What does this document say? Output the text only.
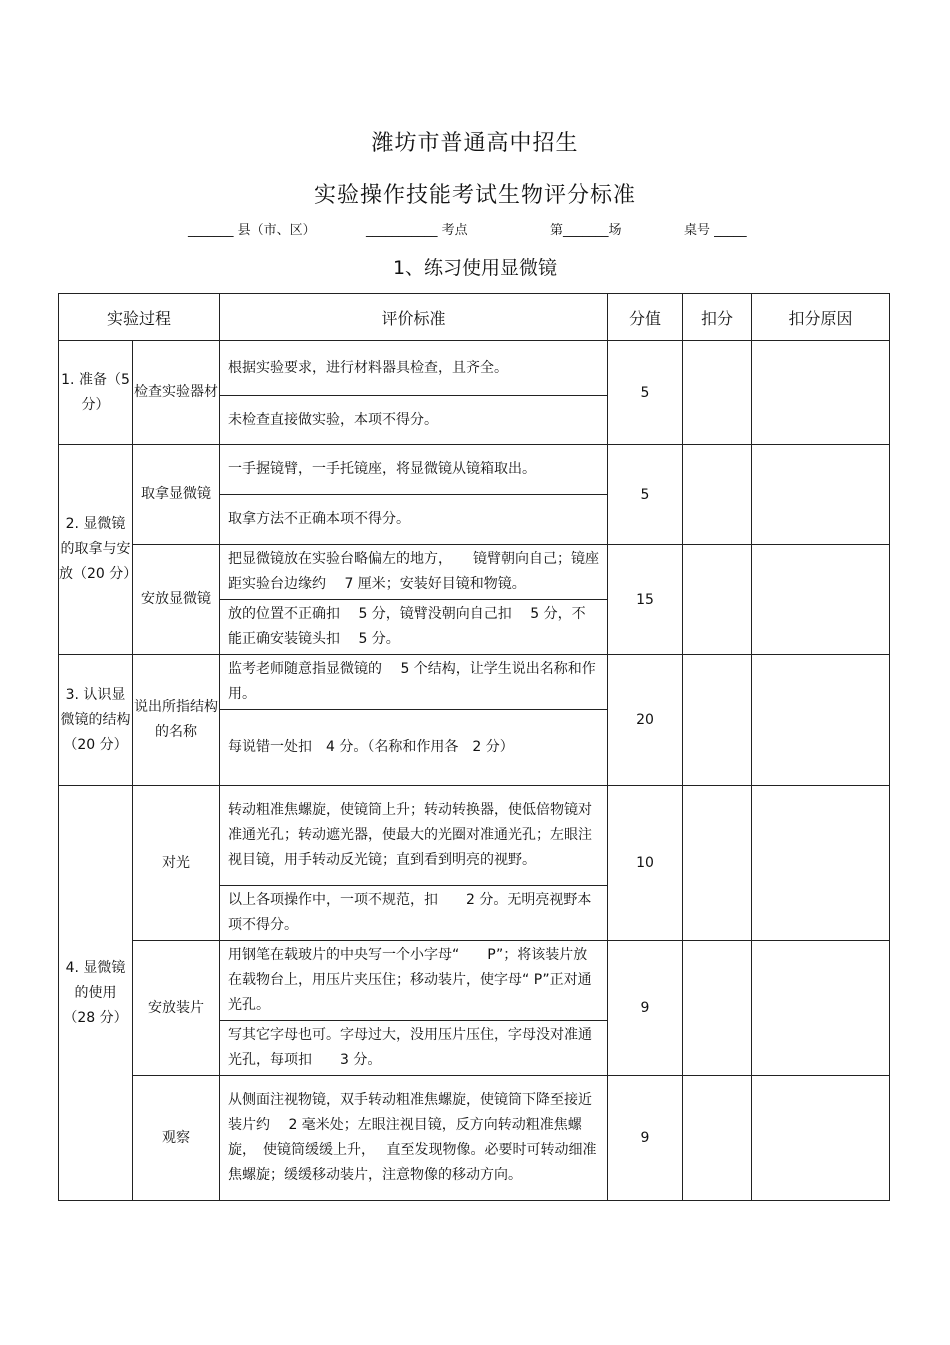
潍坊市普通高中招生
实验操作技能考试生物评分标准
_______ 县（市、区）	___________ 考点	第_______场	桌号 _____
1、练习使用显微镜
实验过程		评价标准	分值	扣分	扣分原因
1. 准备（5 分）	检查实验器材	根据实验要求，进行材料器具检查，且齐全。	5		
		未检查直接做实验，本项不得分。			
2. 显微镜的取拿与安放（20 分）	取拿显微镜	一手握镜臂，一手托镜座，将显微镜从镜箱取出。	5		
		取拿方法不正确本项不得分。			
	安放显微镜	把显微镜放在实验台略偏左的地方，　　镜臂朝向自己；镜座距实验台边缘约　 7 厘米；安装好目镜和物镜。	15		
		放的位置不正确扣　 5 分，镜臂没朝向自己扣　 5 分，不能正确安装镜头扣　 5 分。			
3. 认识显微镜的结构（20 分）	说出所指结构的名称	监考老师随意指显微镜的　 5 个结构，让学生说出名称和作用。	20		
		每说错一处扣　4 分。（名称和作用各　2 分）			
4. 显微镜的使用（28 分）	对光	转动粗准焦螺旋，使镜筒上升；转动转换器，使低倍物镜对准通光孔；转动遮光器，使最大的光圈对准通光孔；左眼注视目镜，用手转动反光镜；直到看到明亮的视野。	10		
		以上各项操作中，一项不规范，扣　　2 分。无明亮视野本项不得分。			
	安放装片	用钢笔在载玻片的中央写一个小字母“　　P”；将该装片放在载物台上，用压片夹压住；移动装片，使字母“ P”正对通光孔。	9		
		写其它字母也可。字母过大，没用压片压住，字母没对准通光孔，每项扣　　3 分。			
	观察	从侧面注视物镜，双手转动粗准焦螺旋，使镜筒下降至接近装片约　 2 毫米处；左眼注视目镜，反方向转动粗准焦螺旋，　使镜筒缓缓上升，　 直至发现物像。必要时可转动细准焦螺旋；缓缓移动装片，注意物像的移动方向。	9		
